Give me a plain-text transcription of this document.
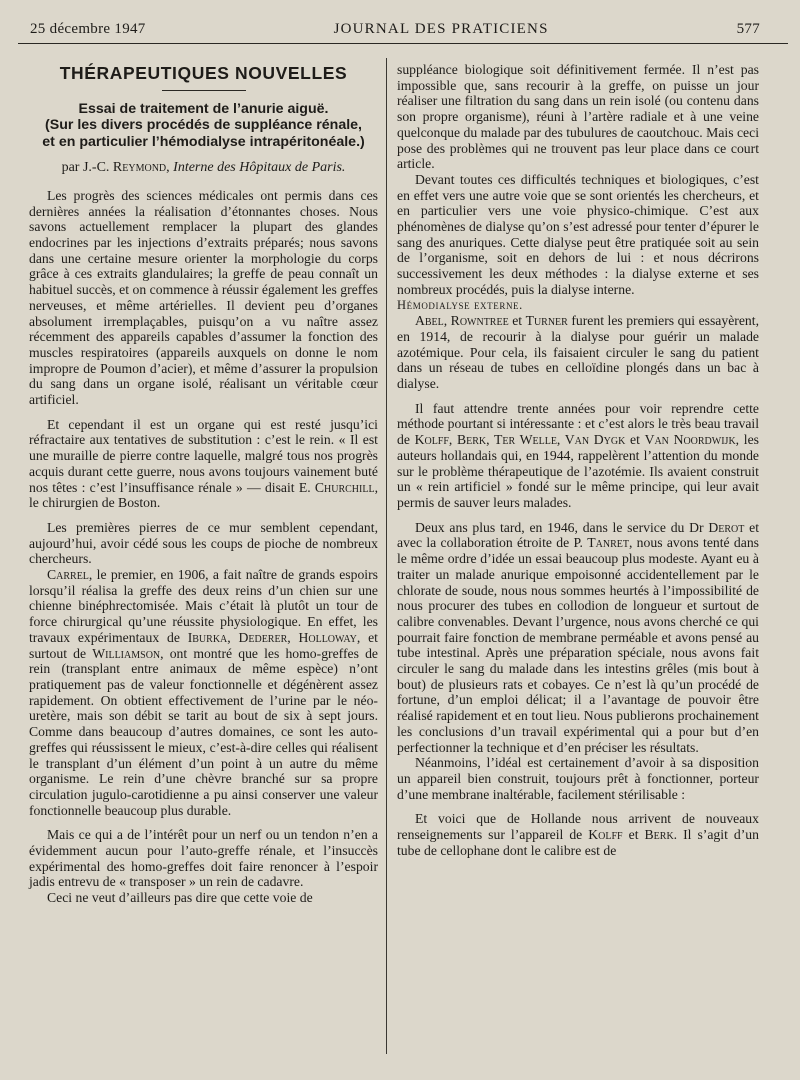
25 décembre 1947	JOURNAL DES PRATICIENS	577
THÉRAPEUTIQUES NOUVELLES
Essai de traitement de l’anurie aiguë.
(Sur les divers procédés de suppléance rénale,
et en particulier l’hémodialyse intrapéritonéale.)
par J.-C. Reymond, Interne des Hôpitaux de Paris.

Les progrès des sciences médicales ont permis dans ces dernières années la réalisation d’étonnantes choses. Nous savons actuellement remplacer la plupart des glandes endocrines par les injections d’extraits préparés; nous savons dans une certaine mesure orienter la morphologie du corps grâce à ces extraits glandulaires; la greffe de peau connaît un habituel succès, et on commence à réussir également les greffes nerveuses, et même artérielles. Il devient peu d’organes absolument irremplaçables, puisqu’on a vu naître assez récemment des appareils capables d’assumer la fonction des muscles respiratoires (appareils auxquels on donne le nom impropre de Poumon d’acier), et même d’assurer la propulsion du sang dans un organe isolé, réalisant un véritable cœur artificiel.

Et cependant il est un organe qui est resté jusqu’ici réfractaire aux tentatives de substitution : c’est le rein. « Il est une muraille de pierre contre laquelle, malgré tous nos progrès acquis durant cette guerre, nous avons toujours vainement buté nos têtes : c’est l’insuffisance rénale » — disait E. Churchill, le chirurgien de Boston.

Les premières pierres de ce mur semblent cependant, aujourd’hui, avoir cédé sous les coups de pioche de nombreux chercheurs.

Carrel, le premier, en 1906, a fait naître de grands espoirs lorsqu’il réalisa la greffe des deux reins d’un chien sur une chienne binéphrectomisée. Mais c’était là plutôt un tour de force chirurgical qu’une réussite physiologique. En effet, les travaux expérimentaux de Iburka, Dederer, Holloway, et surtout de Williamson, ont montré que les homo-greffes de rein (transplant entre animaux de même espèce) n’ont pratiquement pas de valeur fonctionnelle et dégénèrent assez rapidement. On obtient effectivement de l’urine par le néo-uretère, mais son débit se tarit au bout de six à sept jours. Comme dans beaucoup d’autres domaines, ce sont les auto-greffes qui réussissent le mieux, c’est-à-dire celles qui réalisent le transplant d’un élément d’un point à un autre du même organisme. Le rein d’une chèvre branché sur sa propre circulation jugulo-carotidienne a pu ainsi conserver une valeur fonctionnelle beaucoup plus durable.

Mais ce qui a de l’intérêt pour un nerf ou un tendon n’en a évidemment aucun pour l’auto-greffe rénale, et l’insuccès expérimental des homo-greffes doit faire renoncer à l’espoir jadis entrevu de « transposer » un rein de cadavre.

Ceci ne veut d’ailleurs pas dire que cette voie de

suppléance biologique soit définitivement fermée. Il n’est pas impossible que, sans recourir à la greffe, on puisse un jour réaliser une filtration du sang dans un rein isolé (ou contenu dans son propre organisme), réuni à l’artère radiale et à une veine quelconque du malade par des tubulures de caoutchouc. Mais ceci pose des problèmes qui ne trouvent pas leur place dans ce court article.

Devant toutes ces difficultés techniques et biologiques, c’est en effet vers une autre voie que se sont orientés les chercheurs, et en particulier vers une voie physico-chimique. C’est aux phénomènes de dialyse qu’on s’est adressé pour tenter d’épurer le sang des anuriques. Cette dialyse peut être pratiquée soit au sein de l’organisme, soit en dehors de lui : et nous décrirons successivement les deux méthodes : la dialyse externe et ses nombreux procédés, puis la dialyse interne.

Hémodialyse externe.

Abel, Rowntree et Turner furent les premiers qui essayèrent, en 1914, de recourir à la dialyse pour guérir un malade azotémique. Pour cela, ils faisaient circuler le sang du patient dans un réseau de tubes en celloïdine plongés dans un bac à dialyse.

Il faut attendre trente années pour voir reprendre cette méthode pourtant si intéressante : et c’est alors le très beau travail de Kolff, Berk, Ter Welle, Van Dygk et Van Noordwijk, les auteurs hollandais qui, en 1944, rappelèrent l’attention du monde sur le problème thérapeutique de l’azotémie. Ils avaient construit un « rein artificiel » fondé sur le même principe, qui leur avait permis de sauver leurs malades.

Deux ans plus tard, en 1946, dans le service du Dr Derot et avec la collaboration étroite de P. Tanret, nous avons tenté dans le même ordre d’idée un essai beaucoup plus modeste. Ayant eu à traiter un malade anurique empoisonné accidentellement par le chlorate de soude, nous nous sommes heurtés à l’impossibilité de nous procurer des tubes en collodion de longueur et surtout de calibre convenables. Devant l’urgence, nous avons cherché ce qui pourrait faire fonction de membrane perméable et avons pensé au tube intestinal. Après une préparation spéciale, nous avons fait circuler le sang du malade dans les intestins grêles (mis bout à bout) de plusieurs rats et cobayes. Ce n’est là qu’un procédé de fortune, d’un emploi délicat; il a l’avantage de pouvoir être réalisé rapidement et en tout lieu. Nous publierons prochainement les conclusions d’un travail expérimental qui a pour but d’en perfectionner la technique et d’en préciser les résultats.

Néanmoins, l’idéal est certainement d’avoir à sa disposition un appareil bien construit, toujours prêt à fonctionner, porteur d’une membrane inaltérable, facilement stérilisable :

Et voici que de Hollande nous arrivent de nouveaux renseignements sur l’appareil de Kolff et Berk. Il s’agit d’un tube de cellophane dont le calibre est de
